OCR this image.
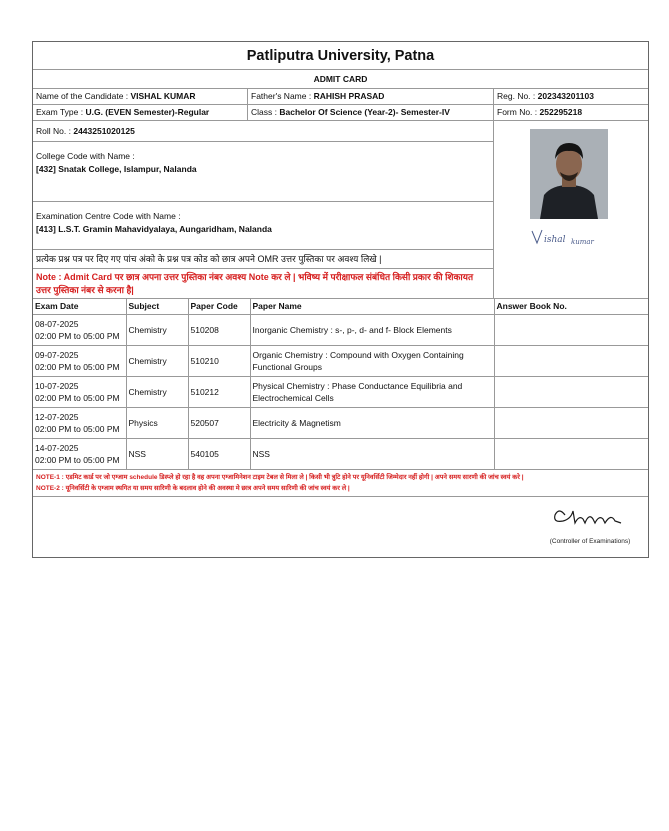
Patliputra University, Patna
ADMIT CARD
Name of the Candidate : VISHAL KUMAR	Father's Name : RAHISH PRASAD	Reg. No. : 202343201103
Exam Type : U.G. (EVEN Semester)-Regular	Class : Bachelor Of Science (Year-2)- Semester-IV	Form No. : 252295218
Roll No. : 2443251020125
College Code with Name :
[432] Snatak College, Islampur, Nalanda
Examination Centre Code with Name :
[413] L.S.T. Gramin Mahavidyalaya, Aungaridham, Nalanda
प्रत्येक प्रश्न पत्र पर दिए गए पांच अंको के प्रश्न पत्र कोड को छात्र अपने OMR उत्तर पुस्तिका पर अवश्य लिखे |
Note : Admit Card पर छात्र अपना उत्तर पुस्तिका नंबर अवश्य Note कर ले | भविष्य में परीक्षाफल संबंधित किसी प्रकार की शिकायत उत्तर पुस्तिका नंबर से करना है|
ishal kumar
Exam Date	Subject	Paper Code	Paper Name	Answer Book No.

08-07-2025
02:00 PM to 05:00 PM	Chemistry	510208	Inorganic Chemistry : s-, p-, d- and f- Block Elements	

09-07-2025
02:00 PM to 05:00 PM	Chemistry	510210	Organic Chemistry : Compound with Oxygen Containing Functional Groups	

10-07-2025
02:00 PM to 05:00 PM	Chemistry	510212	Physical Chemistry : Phase Conductance Equilibria and Electrochemical Cells	

12-07-2025
02:00 PM to 05:00 PM	Physics	520507	Electricity & Magnetism	

14-07-2025
02:00 PM to 05:00 PM	NSS	540105	NSS	
NOTE-1 : एडमिट कार्ड पर जो एग्जाम schedule डिस्प्ले हो रहा है वह अपना एग्जामिनेशन टाइम टेबल से मिला ले | किसी भी त्रुटि होने पर यूनिवर्सिटी जिम्मेदार नहीं होगी | अपने समय सारणी की जांच स्वयं करे |
NOTE-2 : यूनिवर्सिटी के एग्जाम स्थगित या समय सारिणी के बदलाव होने की अवस्था मे छात्र अपने समय सारिणी की जांच स्वयं कर ले |
(Controller of Examinations)
